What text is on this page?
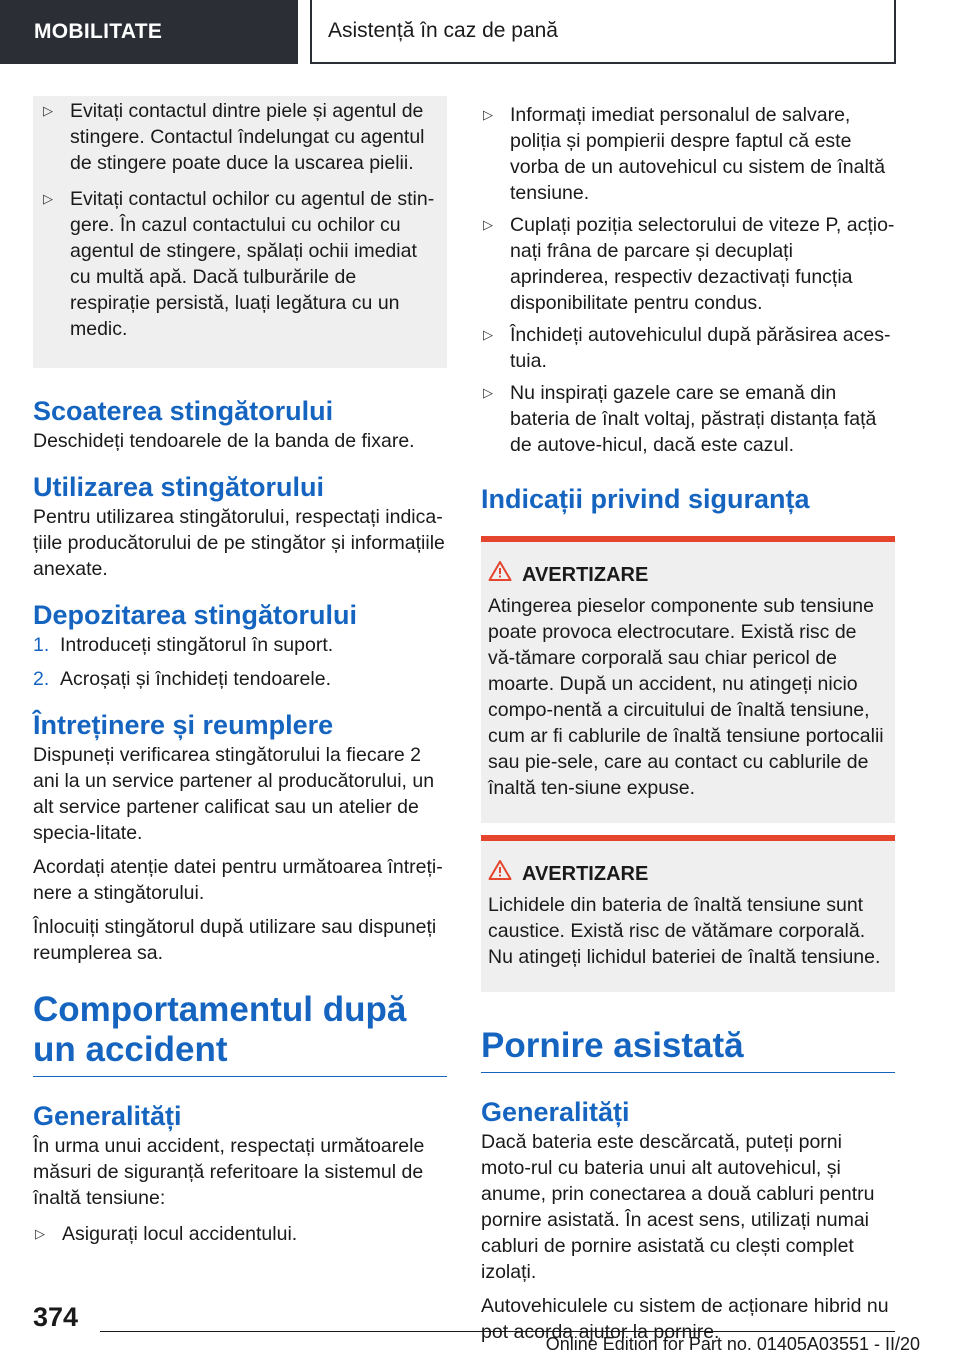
MOBILITATE	Asistență în caz de pană
▷ Evitați contactul dintre piele și agentul de stingere. Contactul îndelungat cu agentul de stingere poate duce la uscarea pielii.
▷ Evitați contactul ochilor cu agentul de stin-gere. În cazul contactului cu ochilor cu agentul de stingere, spălați ochii imediat cu multă apă. Dacă tulburările de respirație persistă, luați legătura cu un medic.
Scoaterea stingătorului

Deschideți tendoarele de la banda de fixare.

Utilizarea stingătorului

Pentru utilizarea stingătorului, respectați indica-țiile producătorului de pe stingător și informațiile anexate.

Depozitarea stingătorului
1. Introduceți stingătorul în suport.
2. Acroșați și închideți tendoarele.
Întreținere și reumplere

Dispuneți verificarea stingătorului la fiecare 2 ani la un service partener al producătorului, un alt service partener calificat sau un atelier de specia-litate.

Acordați atenție datei pentru următoarea întreți-nere a stingătorului.

Înlocuiți stingătorul după utilizare sau dispuneți reumplerea sa.

Comportamentul după un accident
Generalități

În urma unui accident, respectați următoarele măsuri de siguranță referitoare la sistemul de înaltă tensiune:

▷ Asigurați locul accidentului.
▷ Informați imediat personalul de salvare, poliția și pompierii despre faptul că este vorba de un autovehicul cu sistem de înaltă tensiune.
▷ Cuplați poziția selectorului de viteze P, acțio-nați frâna de parcare și decuplați aprinderea, respectiv dezactivați funcția disponibilitate pentru condus.
▷ Închideți autovehiculul după părăsirea aces-tuia.
▷ Nu inspirați gazele care se emană din bateria de înalt voltaj, păstrați distanța față de autove-hicul, dacă este cazul.
Indicații privind siguranța
AVERTIZARE

Atingerea pieselor componente sub tensiune poate provoca electrocutare. Există risc de vă-tămare corporală sau chiar pericol de moarte. După un accident, nu atingeți nicio compo-nentă a circuitului de înaltă tensiune, cum ar fi cablurile de înaltă tensiune portocalii sau pie-sele, care au contact cu cablurile de înaltă ten-siune expuse.

AVERTIZARE

Lichidele din bateria de înaltă tensiune sunt caustice. Există risc de vătămare corporală. Nu atingeți lichidul bateriei de înaltă tensiune.

Pornire asistată
Generalități

Dacă bateria este descărcată, puteți porni moto-rul cu bateria unui alt autovehicul, și anume, prin conectarea a două cabluri pentru pornire asistată. În acest sens, utilizați numai cabluri de pornire asistată cu clești complet izolați.

Autovehiculele cu sistem de acționare hibrid nu pot acorda ajutor la pornire.

374
Online Edition for Part no. 01405A03551 - II/20
